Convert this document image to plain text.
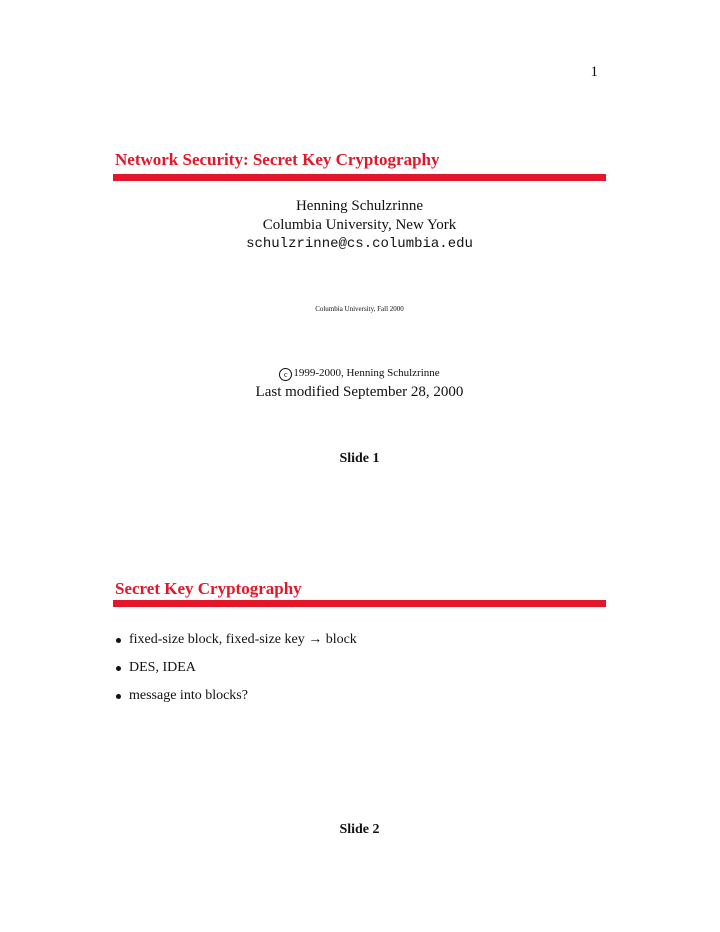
1
Network Security: Secret Key Cryptography
Henning Schulzrinne
Columbia University, New York
schulzrinne@cs.columbia.edu
Columbia University, Fall 2000
c 1999-2000, Henning Schulzrinne
Last modified September 28, 2000
Slide 1
Secret Key Cryptography
fixed-size block, fixed-size key → block
DES, IDEA
message into blocks?
Slide 2
